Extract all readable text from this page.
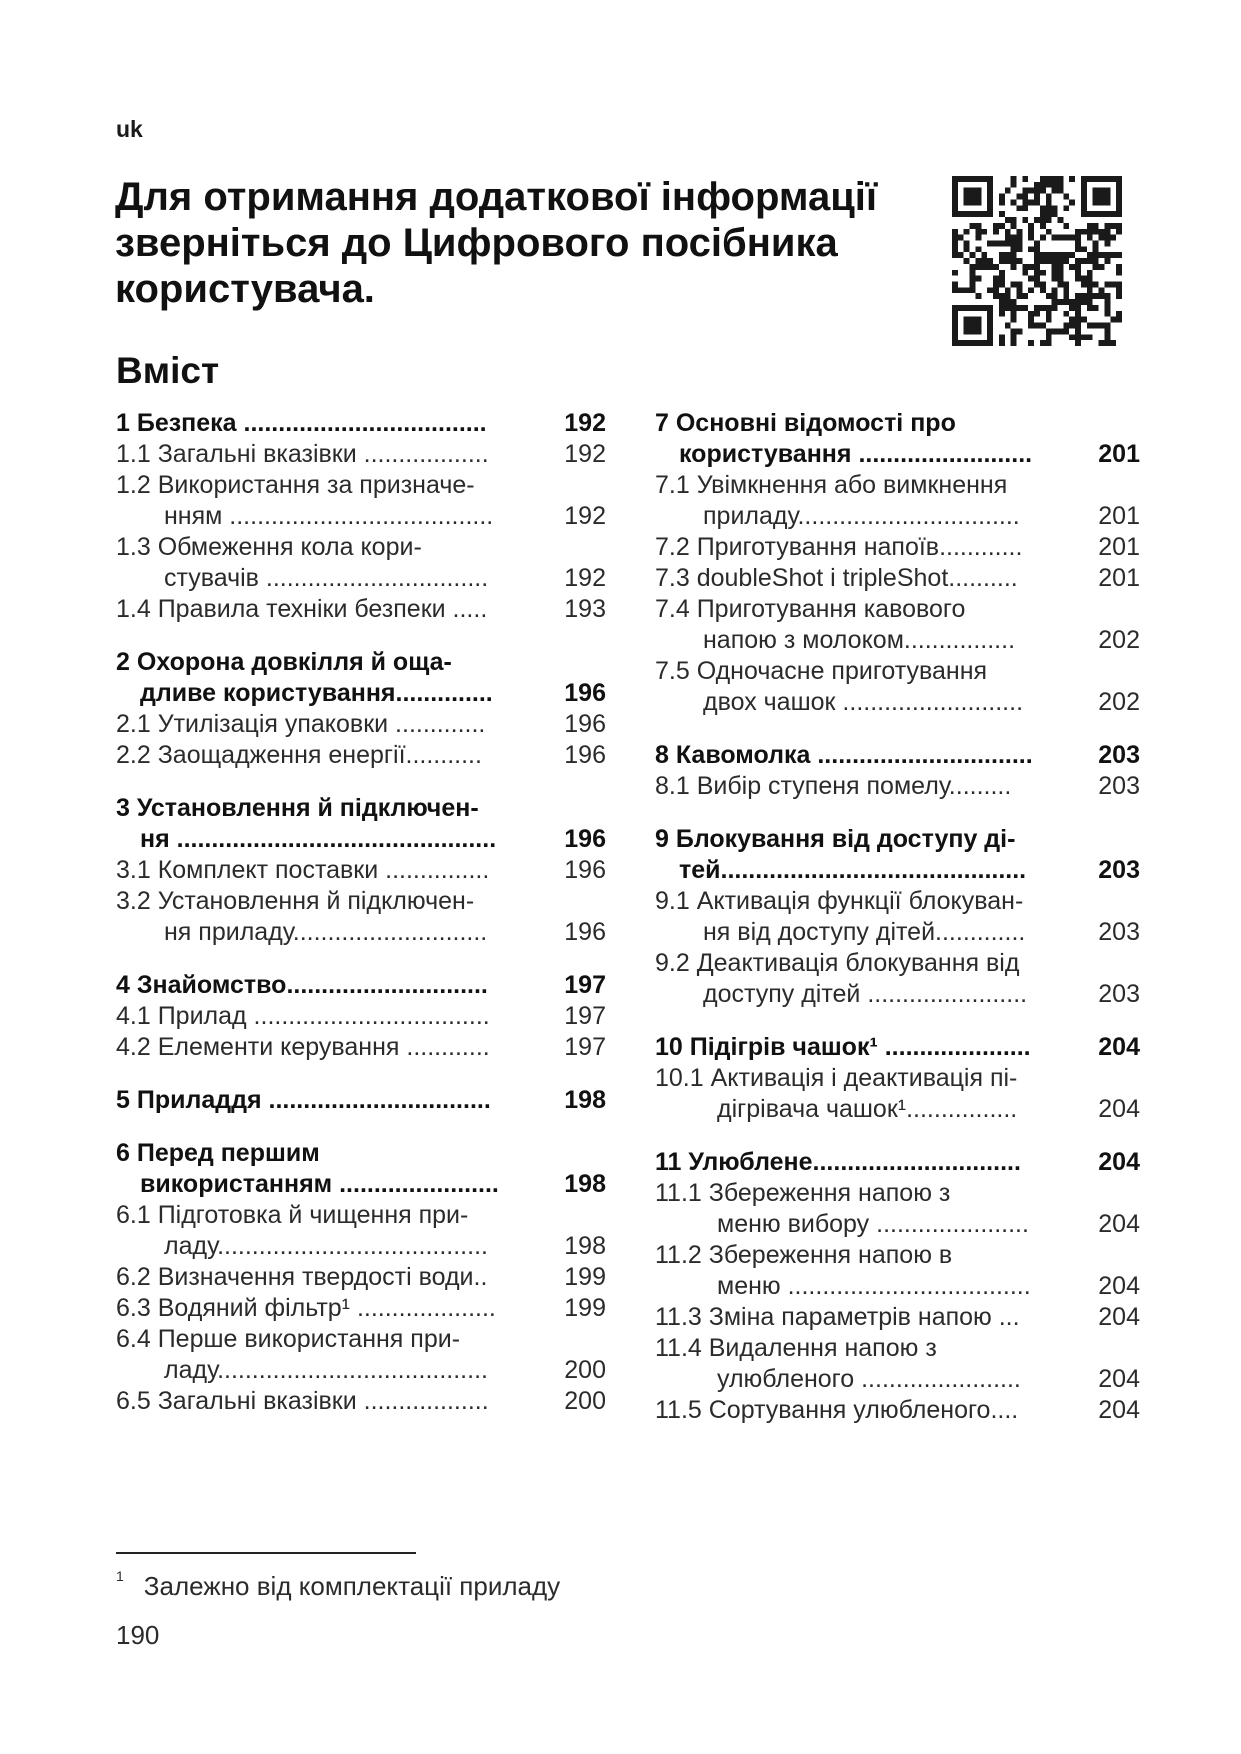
uk
Для отримання додаткової інформації зверніться до Цифрового посібника користувача.
Вміст
1 Безпека ...................................	192
1.1 Загальні вказівки ..................	192
1.2 Використання за призначе-
нням ......................................	192
1.3 Обмеження кола кори-
стувачів ................................	192
1.4 Правила техніки безпеки .....	193
2 Охорона довкілля й оща-
дливе користування..............	196
2.1 Утилізація упаковки .............	196
2.2 Заощадження енергії...........	196
3 Установлення й підключен-
ня ..............................................	196
3.1 Комплект поставки ...............	196
3.2 Установлення й підключен-
ня приладу............................	196
4 Знайомство.............................	197
4.1 Прилад ..................................	197
4.2 Елементи керування ............	197
5 Приладдя ................................	198
6 Перед першим
використанням .......................	198
6.1 Підготовка й чищення при-
ладу.......................................	198
6.2 Визначення твердості води..	199
6.3 Водяний фільтр¹ ....................	199
6.4 Перше використання при-
ладу.......................................	200
6.5 Загальні вказівки ..................	200
7 Основні відомості про
користування .........................	201
7.1 Увімкнення або вимкнення
приладу................................	201
7.2 Приготування напоїв............	201
7.3 doubleShot і tripleShot..........	201
7.4 Приготування кавового
напою з молоком................	202
7.5 Одночасне приготування
двох чашок ..........................	202
8 Кавомолка ...............................	203
8.1 Вибір ступеня помелу.........	203
9 Блокування від доступу ді-
тей............................................	203
9.1 Активація функції блокуван-
ня від доступу дітей.............	203
9.2 Деактивація блокування від
доступу дітей .......................	203
10 Підігрів чашок¹ .....................	204
10.1 Активація і деактивація пі-
дігрівача чашок¹................	204
11 Улюблене..............................	204
11.1 Збереження напою з
меню вибору ......................	204
11.2 Збереження напою в
меню ...................................	204
11.3 Зміна параметрів напою ...	204
11.4 Видалення напою з
улюбленого .......................	204
11.5 Сортування улюбленого....	204
$^1$ Залежно від комплектації приладу
190
